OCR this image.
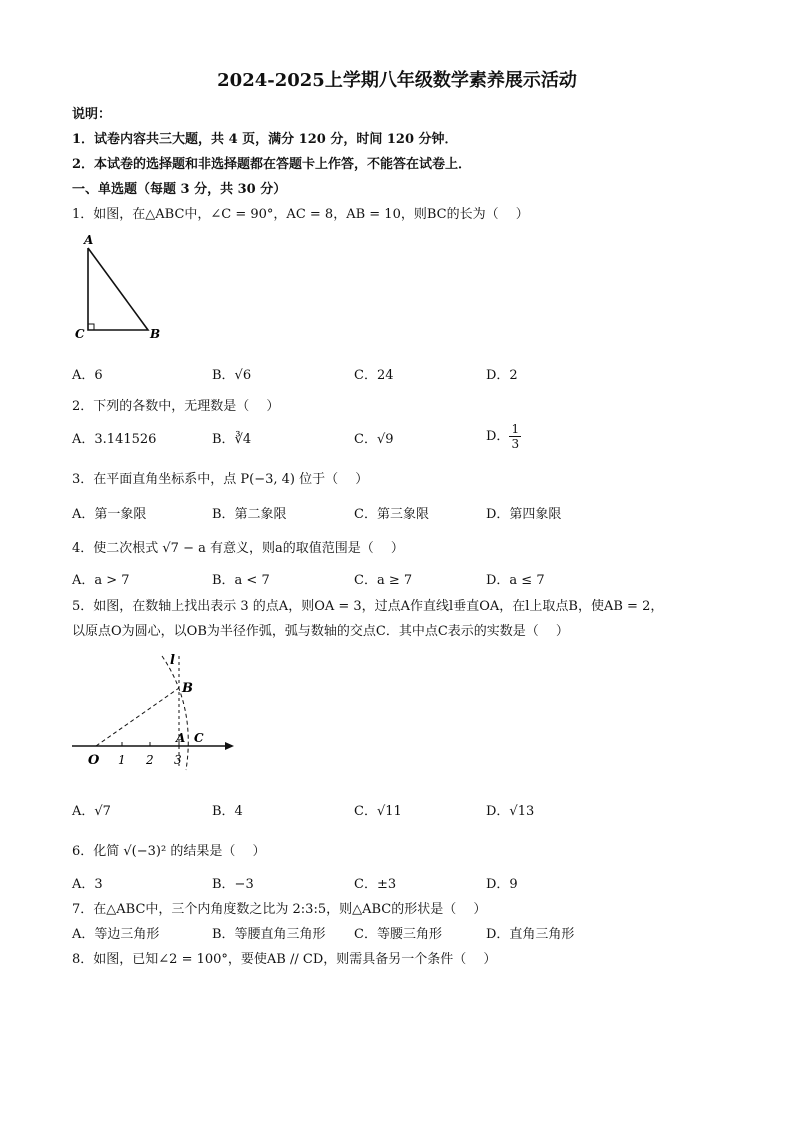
2024-2025上学期八年级数学素养展示活动
说明：
1．试卷内容共三大题，共 4 页，满分 120 分，时间 120 分钟．
2．本试卷的选择题和非选择题都在答题卡上作答，不能答在试卷上．
一、单选题（每题 3 分，共 30 分）
1．如图，在△ABC中，∠C = 90°，AC = 8，AB = 10，则BC的长为（　 ）
A
C	B
A．6	B．√6	C．24	D．2
2．下列的各数中，无理数是（　 ）
A．3.141526	B．∛4	C．√9	D． $\frac{1}{3}$
3．在平面直角坐标系中，点 P(−3, 4) 位于（　 ）
A．第一象限	B．第二象限	C．第三象限	D．第四象限
4．使二次根式 √7 − a 有意义，则a的取值范围是（　 ）
A．a > 7	B．a < 7	C．a ≥ 7	D．a ≤ 7
5．如图，在数轴上找出表示 3 的点A，则OA = 3，过点A作直线l垂直OA，在l上取点B，使AB = 2，
以原点O为圆心，以OB为半径作弧，弧与数轴的交点C．其中点C表示的实数是（　 ）
l
B
A C
O 1 2 3
A．√7	B．4	C．√11	D．√13
6．化简 √(−3)² 的结果是（　 ）
A．3	B．−3	C．±3	D．9
7．在△ABC中，三个内角度数之比为 2:3:5，则△ABC的形状是（　 ）
A．等边三角形	B．等腰直角三角形 C．等腰三角形	D．直角三角形
8．如图，已知∠2 = 100°，要使AB // CD，则需具备另一个条件（　 ）
